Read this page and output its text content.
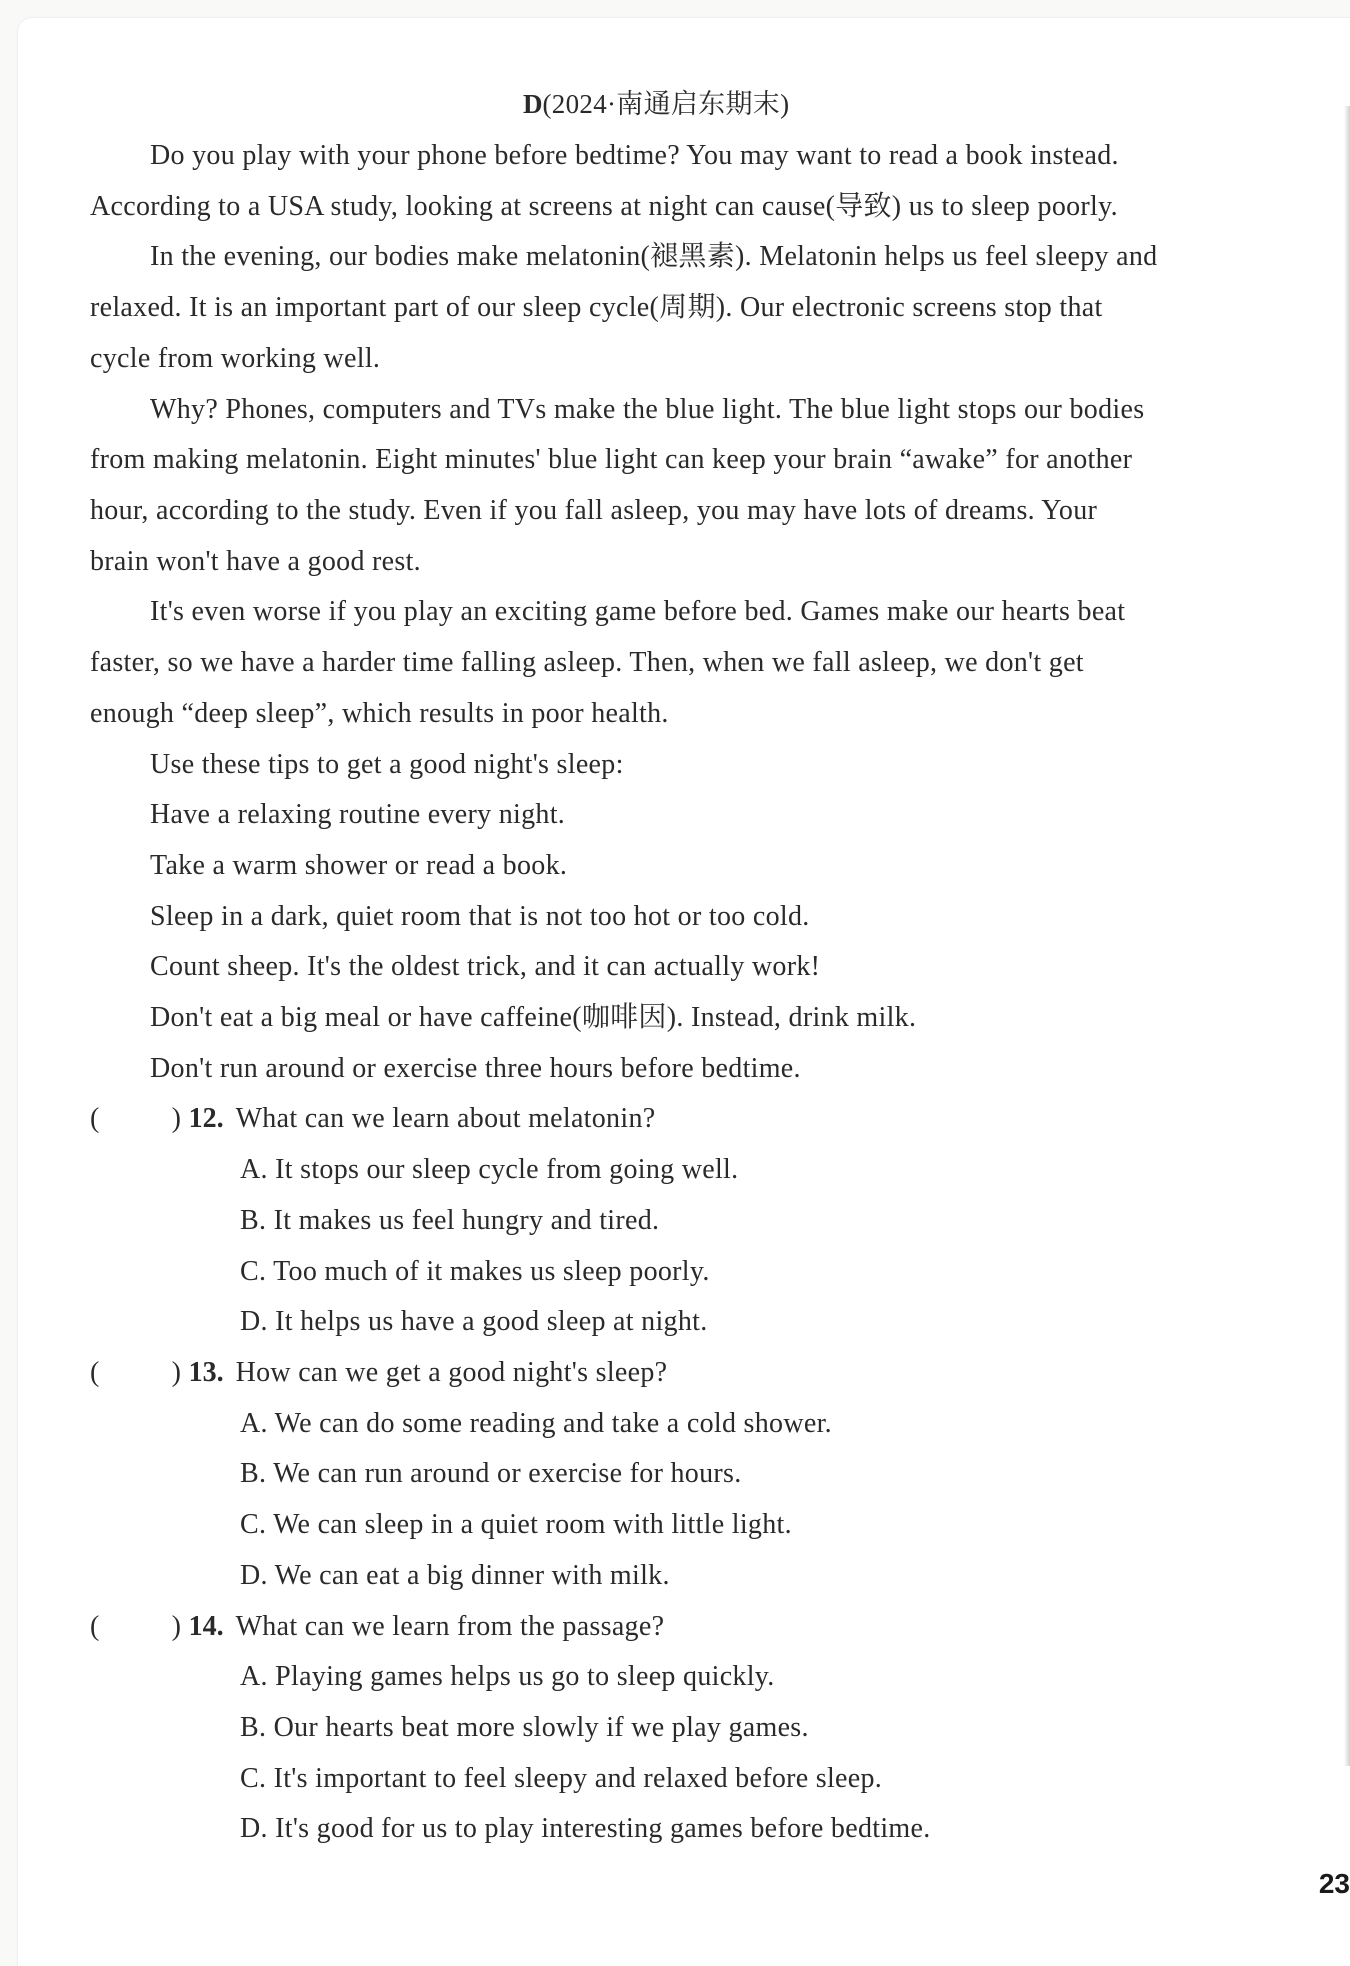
D(2024·南通启东期末)
Do you play with your phone before bedtime? You may want to read a book instead.
According to a USA study, looking at screens at night can cause(导致) us to sleep poorly.
In the evening, our bodies make melatonin(褪黑素). Melatonin helps us feel sleepy and
relaxed. It is an important part of our sleep cycle(周期). Our electronic screens stop that
cycle from working well.
Why? Phones, computers and TVs make the blue light. The blue light stops our bodies
from making melatonin. Eight minutes' blue light can keep your brain “awake” for another
hour, according to the study. Even if you fall asleep, you may have lots of dreams. Your
brain won't have a good rest.
It's even worse if you play an exciting game before bed. Games make our hearts beat
faster, so we have a harder time falling asleep. Then, when we fall asleep, we don't get
enough “deep sleep”, which results in poor health.
Use these tips to get a good night's sleep:
Have a relaxing routine every night.
Take a warm shower or read a book.
Sleep in a dark, quiet room that is not too hot or too cold.
Count sheep. It's the oldest trick, and it can actually work!
Don't eat a big meal or have caffeine(咖啡因). Instead, drink milk.
Don't run around or exercise three hours before bedtime.
(	) 12. What can we learn about melatonin?
A. It stops our sleep cycle from going well.
B. It makes us feel hungry and tired.
C. Too much of it makes us sleep poorly.
D. It helps us have a good sleep at night.
(	) 13. How can we get a good night's sleep?
A. We can do some reading and take a cold shower.
B. We can run around or exercise for hours.
C. We can sleep in a quiet room with little light.
D. We can eat a big dinner with milk.
(	) 14. What can we learn from the passage?
A. Playing games helps us go to sleep quickly.
B. Our hearts beat more slowly if we play games.
C. It's important to feel sleepy and relaxed before sleep.
D. It's good for us to play interesting games before bedtime.
23
